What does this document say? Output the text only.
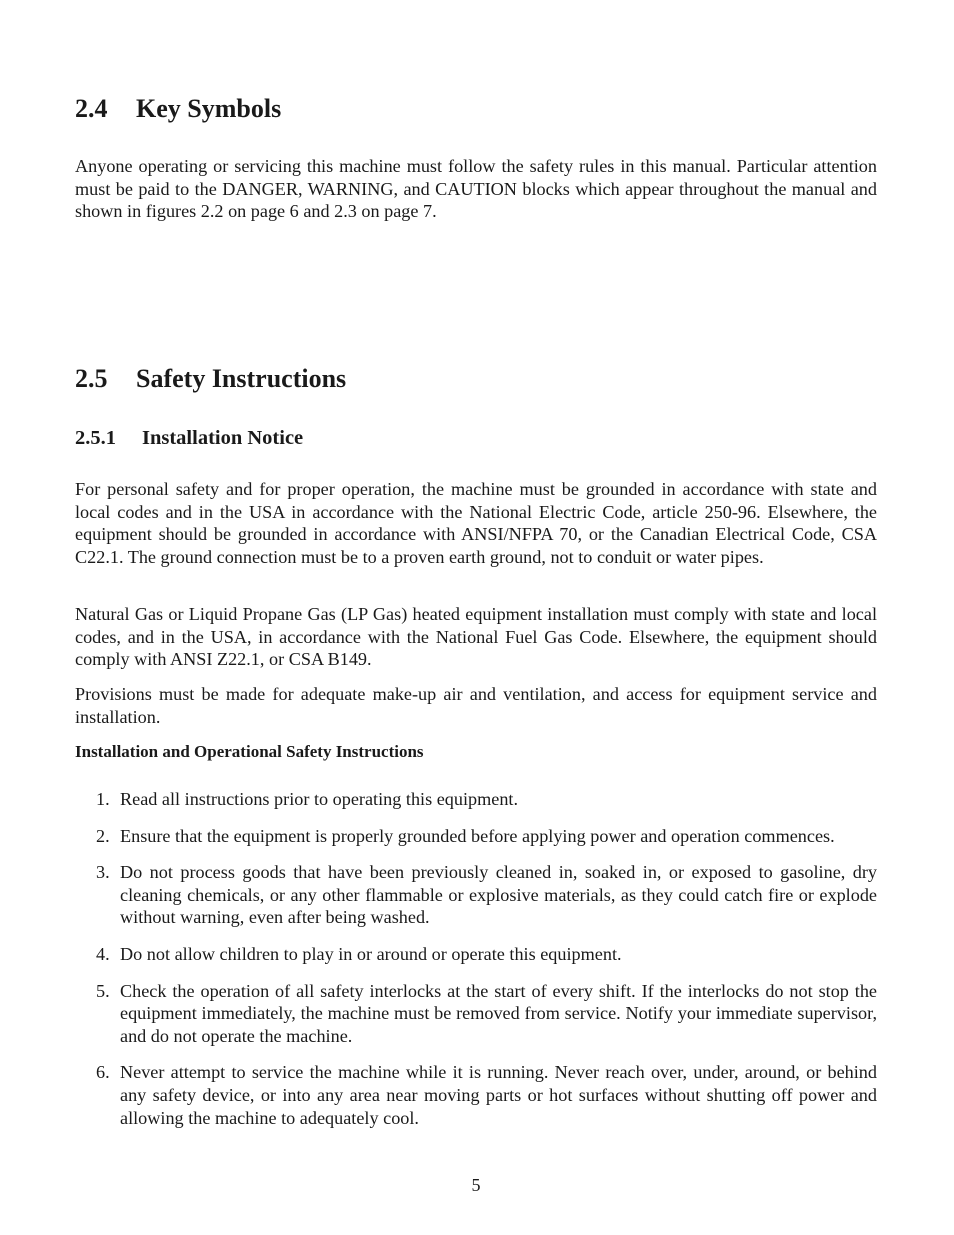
2.4 Key Symbols

Anyone operating or servicing this machine must follow the safety rules in this manual. Particular attention must be paid to the DANGER, WARNING, and CAUTION blocks which appear throughout the manual and shown in figures 2.2 on page 6 and 2.3 on page 7.

2.5 Safety Instructions
2.5.1 Installation Notice

For personal safety and for proper operation, the machine must be grounded in accordance with state and local codes and in the USA in accordance with the National Electric Code, article 250-96. Elsewhere, the equipment should be grounded in accordance with ANSI/NFPA 70, or the Canadian Electrical Code, CSA C22.1. The ground connection must be to a proven earth ground, not to conduit or water pipes.

Natural Gas or Liquid Propane Gas (LP Gas) heated equipment installation must comply with state and local codes, and in the USA, in accordance with the National Fuel Gas Code. Elsewhere, the equipment should comply with ANSI Z22.1, or CSA B149.

Provisions must be made for adequate make-up air and ventilation, and access for equipment service and installation.

Installation and Operational Safety Instructions
1. Read all instructions prior to operating this equipment.
2. Ensure that the equipment is properly grounded before applying power and operation commences.
3. Do not process goods that have been previously cleaned in, soaked in, or exposed to gasoline, dry cleaning chemicals, or any other flammable or explosive materials, as they could catch fire or explode without warning, even after being washed.
4. Do not allow children to play in or around or operate this equipment.
5. Check the operation of all safety interlocks at the start of every shift. If the interlocks do not stop the equipment immediately, the machine must be removed from service. Notify your immediate supervisor, and do not operate the machine.
6. Never attempt to service the machine while it is running. Never reach over, under, around, or behind any safety device, or into any area near moving parts or hot surfaces without shutting off power and allowing the machine to adequately cool.
5
